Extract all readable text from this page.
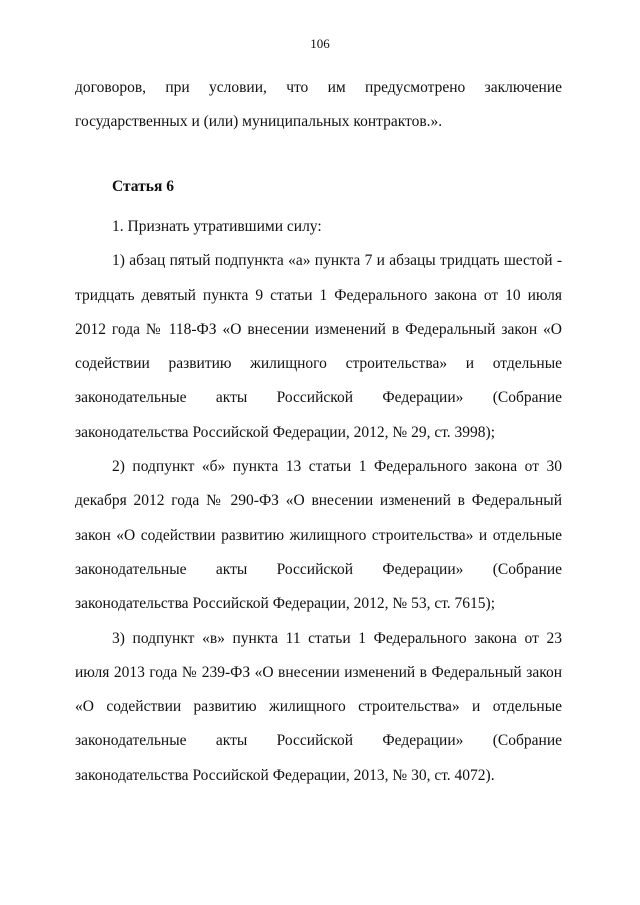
106

договоров, при условии, что им предусмотрено заключение государственных и (или) муниципальных контрактов.».

Статья 6

1. Признать утратившими силу:

1) абзац пятый подпункта «а» пункта 7 и абзацы тридцать шестой - тридцать девятый пункта 9 статьи 1 Федерального закона от 10 июля 2012 года № 118-ФЗ «О внесении изменений в Федеральный закон «О содействии развитию жилищного строительства» и отдельные законодательные акты Российской Федерации» (Собрание законодательства Российской Федерации, 2012, № 29, ст. 3998);

2) подпункт «б» пункта 13 статьи 1 Федерального закона от 30 декабря 2012 года № 290-ФЗ «О внесении изменений в Федеральный закон «О содействии развитию жилищного строительства» и отдельные законодательные акты Российской Федерации» (Собрание законодательства Российской Федерации, 2012, № 53, ст. 7615);

3) подпункт «в» пункта 11 статьи 1 Федерального закона от 23 июля 2013 года № 239-ФЗ «О внесении изменений в Федеральный закон «О содействии развитию жилищного строительства» и отдельные законодательные акты Российской Федерации» (Собрание законодательства Российской Федерации, 2013, № 30, ст. 4072).
